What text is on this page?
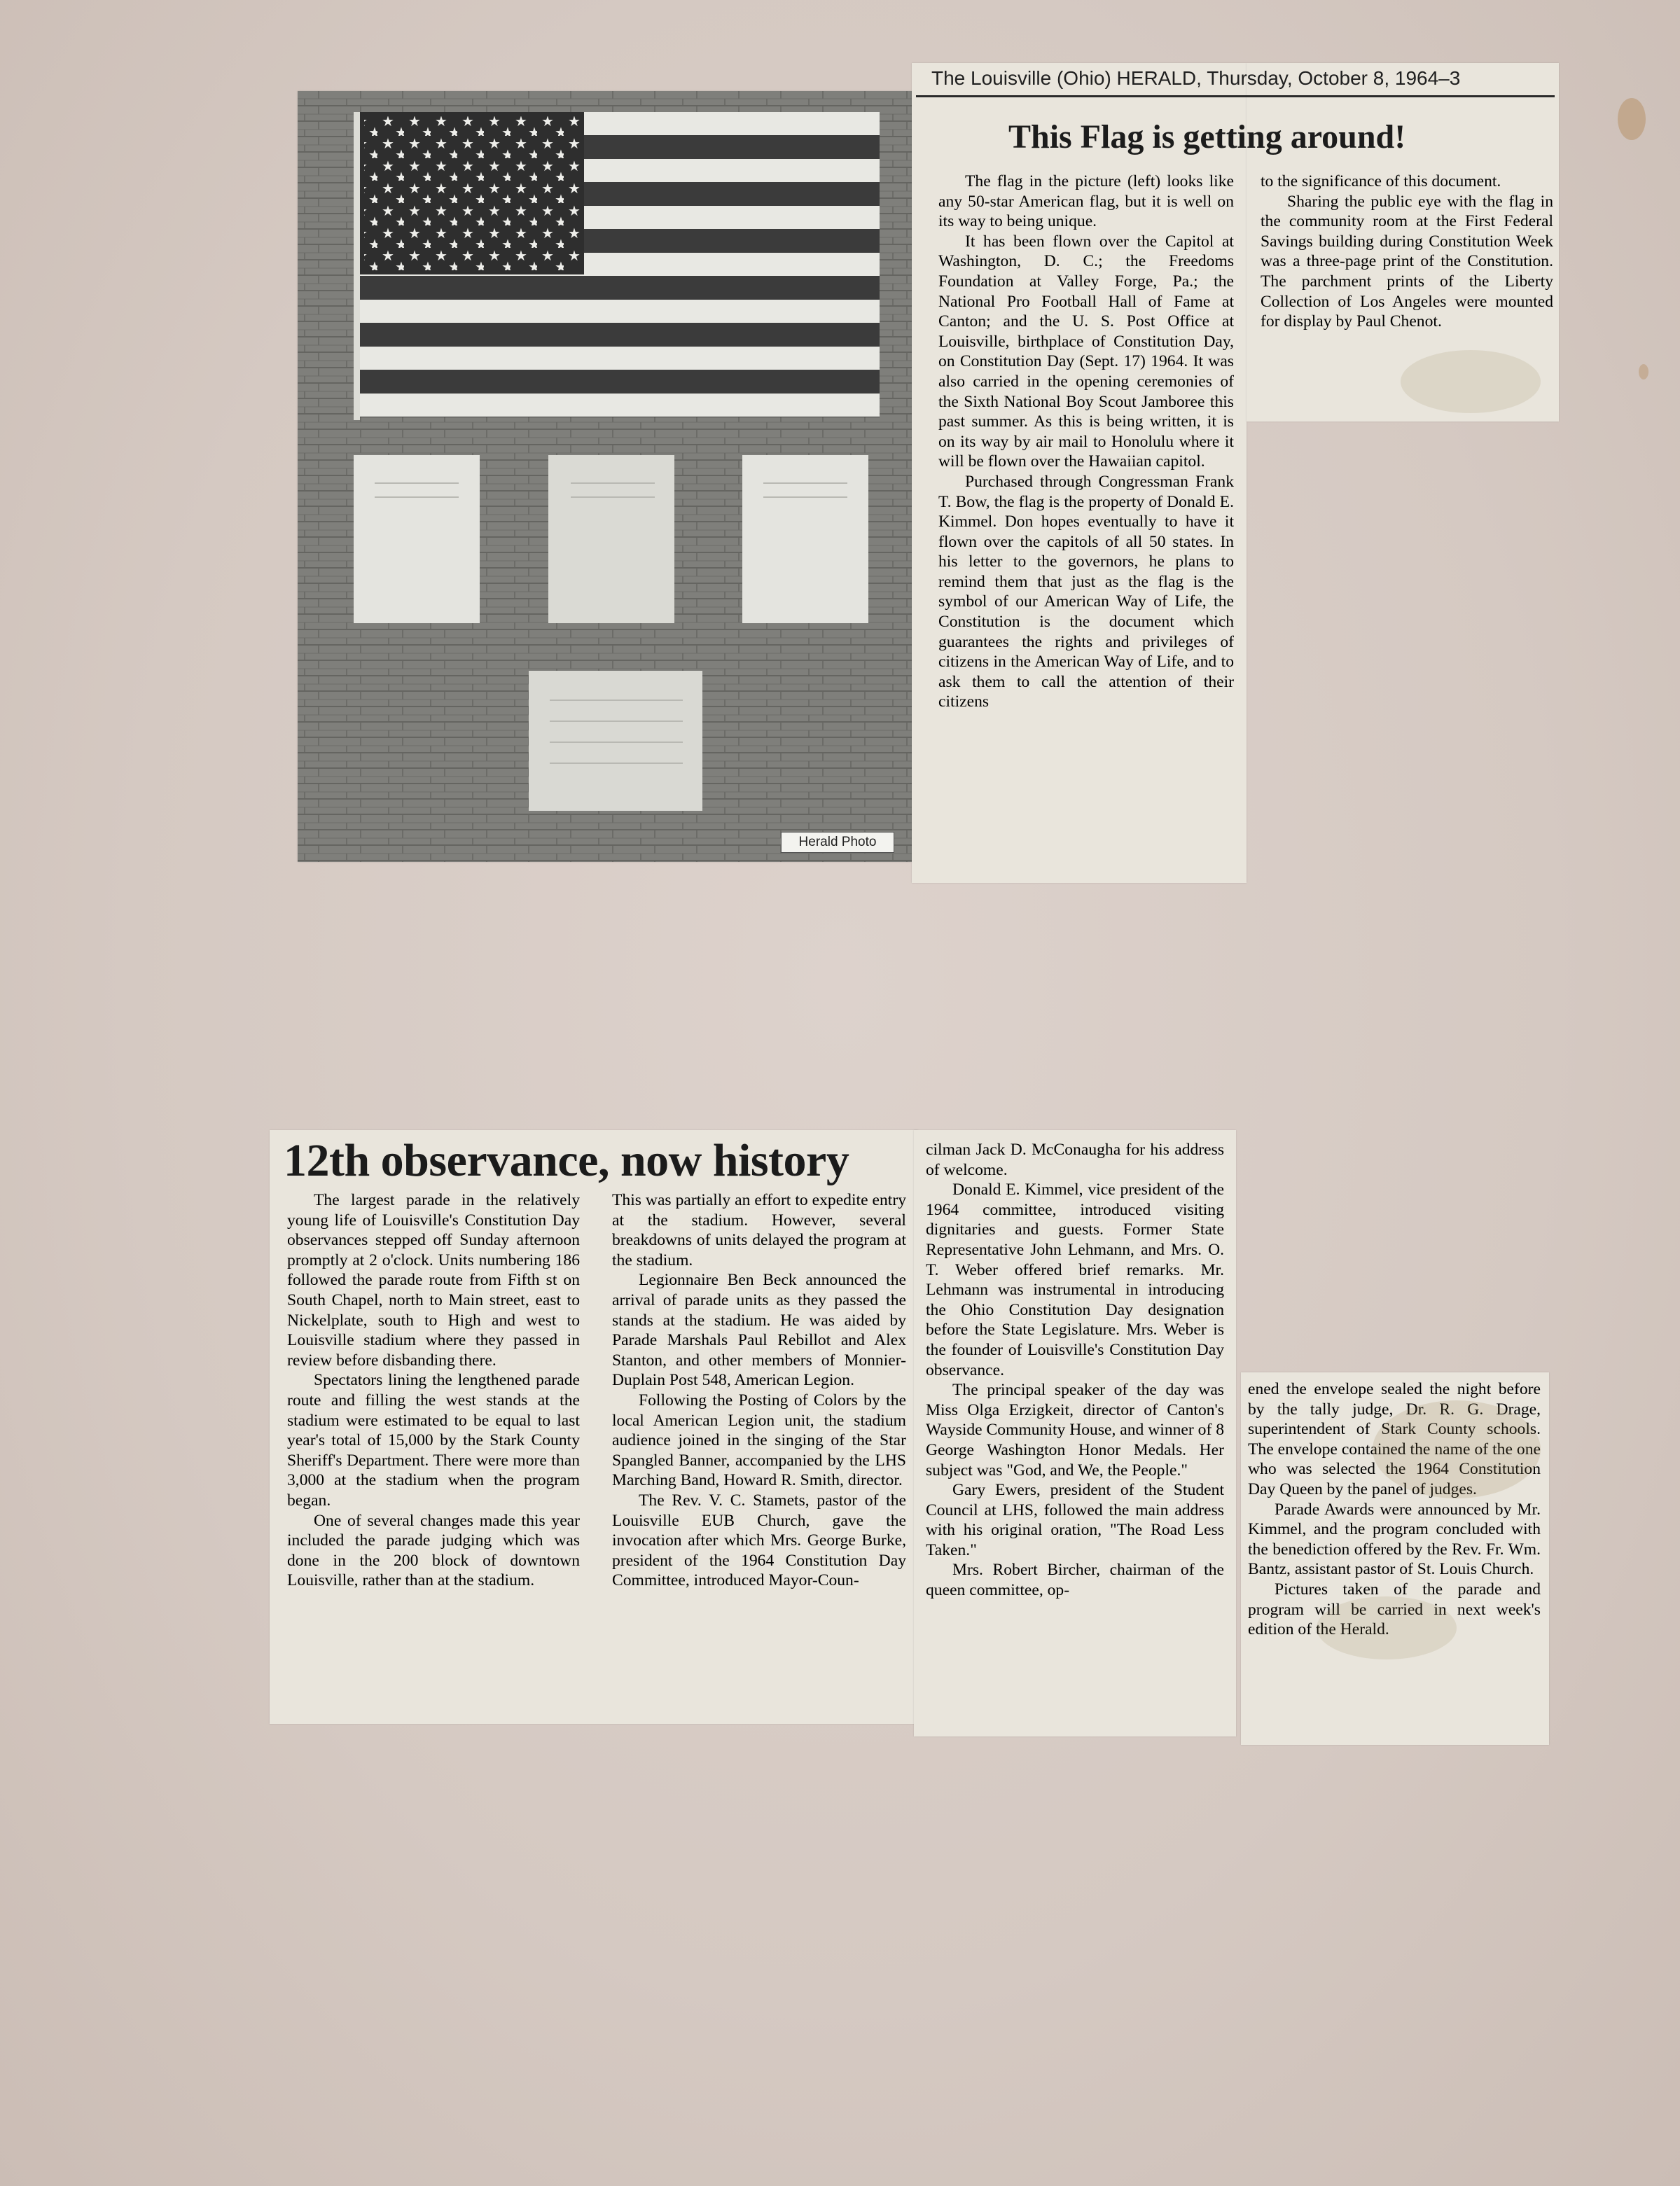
Herald Photo
The Louisville (Ohio) HERALD, Thursday, October 8, 1964–3
This Flag is getting around!

The flag in the picture (left) looks like any 50-star American flag, but it is well on its way to being unique.

It has been flown over the Capitol at Washington, D. C.; the Freedoms Foundation at Valley Forge, Pa.; the National Pro Football Hall of Fame at Canton; and the U. S. Post Office at Louisville, birthplace of Constitution Day, on Constitution Day (Sept. 17) 1964. It was also carried in the opening ceremonies of the Sixth National Boy Scout Jamboree this past summer. As this is being written, it is on its way by air mail to Honolulu where it will be flown over the Hawaiian capitol.

Purchased through Congressman Frank T. Bow, the flag is the property of Donald E. Kimmel. Don hopes eventually to have it flown over the capitols of all 50 states. In his letter to the governors, he plans to remind them that just as the flag is the symbol of our American Way of Life, the Constitution is the document which guarantees the rights and privileges of citizens in the American Way of Life, and to ask them to call the attention of their citizens

to the significance of this document.

Sharing the public eye with the flag in the community room at the First Federal Savings building during Constitution Week was a three-page print of the Constitution. The parchment prints of the Liberty Collection of Los Angeles were mounted for display by Paul Chenot.

12th observance, now history

The largest parade in the relatively young life of Louisville's Constitution Day observances stepped off Sunday afternoon promptly at 2 o'clock. Units numbering 186 followed the parade route from Fifth st on South Chapel, north to Main street, east to Nickelplate, south to High and west to Louisville stadium where they passed in review before disbanding there.

Spectators lining the lengthened parade route and filling the west stands at the stadium were estimated to be equal to last year's total of 15,000 by the Stark County Sheriff's Department. There were more than 3,000 at the stadium when the program began.

One of several changes made this year included the parade judging which was done in the 200 block of downtown Louisville, rather than at the stadium.

This was partially an effort to expedite entry at the stadium. However, several breakdowns of units delayed the program at the stadium.

Legionnaire Ben Beck announced the arrival of parade units as they passed the stands at the stadium. He was aided by Parade Marshals Paul Rebillot and Alex Stanton, and other members of Monnier-Duplain Post 548, American Legion.

Following the Posting of Colors by the local American Legion unit, the stadium audience joined in the singing of the Star Spangled Banner, accompanied by the LHS Marching Band, Howard R. Smith, director.

The Rev. V. C. Stamets, pastor of the Louisville EUB Church, gave the invocation after which Mrs. George Burke, president of the 1964 Constitution Day Committee, introduced Mayor-Coun-

cilman Jack D. McConaugha for his address of welcome.

Donald E. Kimmel, vice president of the 1964 committee, introduced visiting dignitaries and guests. Former State Representative John Lehmann, and Mrs. O. T. Weber offered brief remarks. Mr. Lehmann was instrumental in introducing the Ohio Constitution Day designation before the State Legislature. Mrs. Weber is the founder of Louisville's Constitution Day observance.

The principal speaker of the day was Miss Olga Erzigkeit, director of Canton's Wayside Community House, and winner of 8 George Washington Honor Medals. Her subject was "God, and We, the People."

Gary Ewers, president of the Student Council at LHS, followed the main address with his original oration, "The Road Less Taken."

Mrs. Robert Bircher, chairman of the queen committee, op-

ened the envelope sealed the night before by the tally judge, Dr. R. G. Drage, superintendent of Stark County schools. The envelope contained the name of the one who was selected the 1964 Constitution Day Queen by the panel of judges.

Parade Awards were announced by Mr. Kimmel, and the program concluded with the benediction offered by the Rev. Fr. Wm. Bantz, assistant pastor of St. Louis Church.

Pictures taken of the parade and program will be carried in next week's edition of the Herald.
